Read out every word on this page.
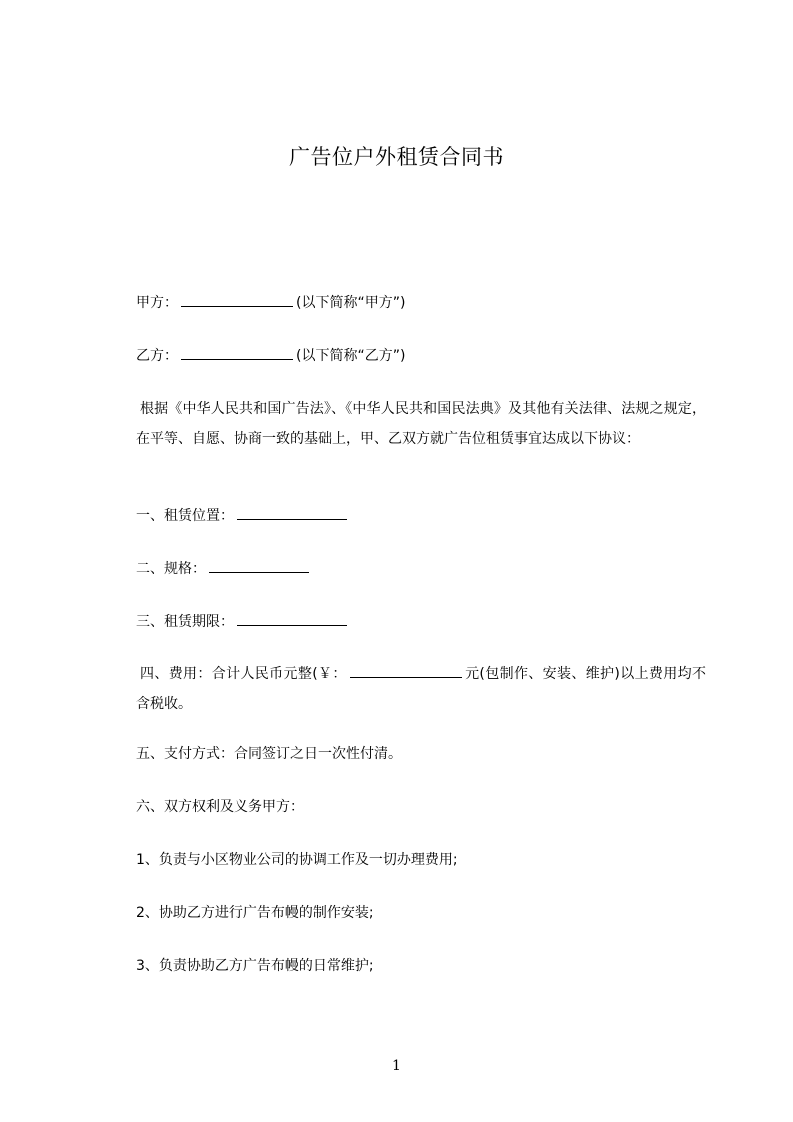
广告位户外租赁合同书
甲方：	(以下简称“甲方”)
乙方：	(以下简称“乙方”)
根据《中华人民共和国广告法》、《中华人民共和国民法典》及其他有关法律、法规之规定，在平等、自愿、协商一致的基础上，甲、乙双方就广告位租赁事宜达成以下协议：
一、租赁位置：
二、规格：
三、租赁期限：
四、费用：合计人民币元整(￥：	元(包制作、安装、维护)以上费用均不含税收。
五、支付方式：合同签订之日一次性付清。
六、双方权利及义务甲方：
1、负责与小区物业公司的协调工作及一切办理费用;
2、协助乙方进行广告布幔的制作安装;
3、负责协助乙方广告布幔的日常维护;
1
